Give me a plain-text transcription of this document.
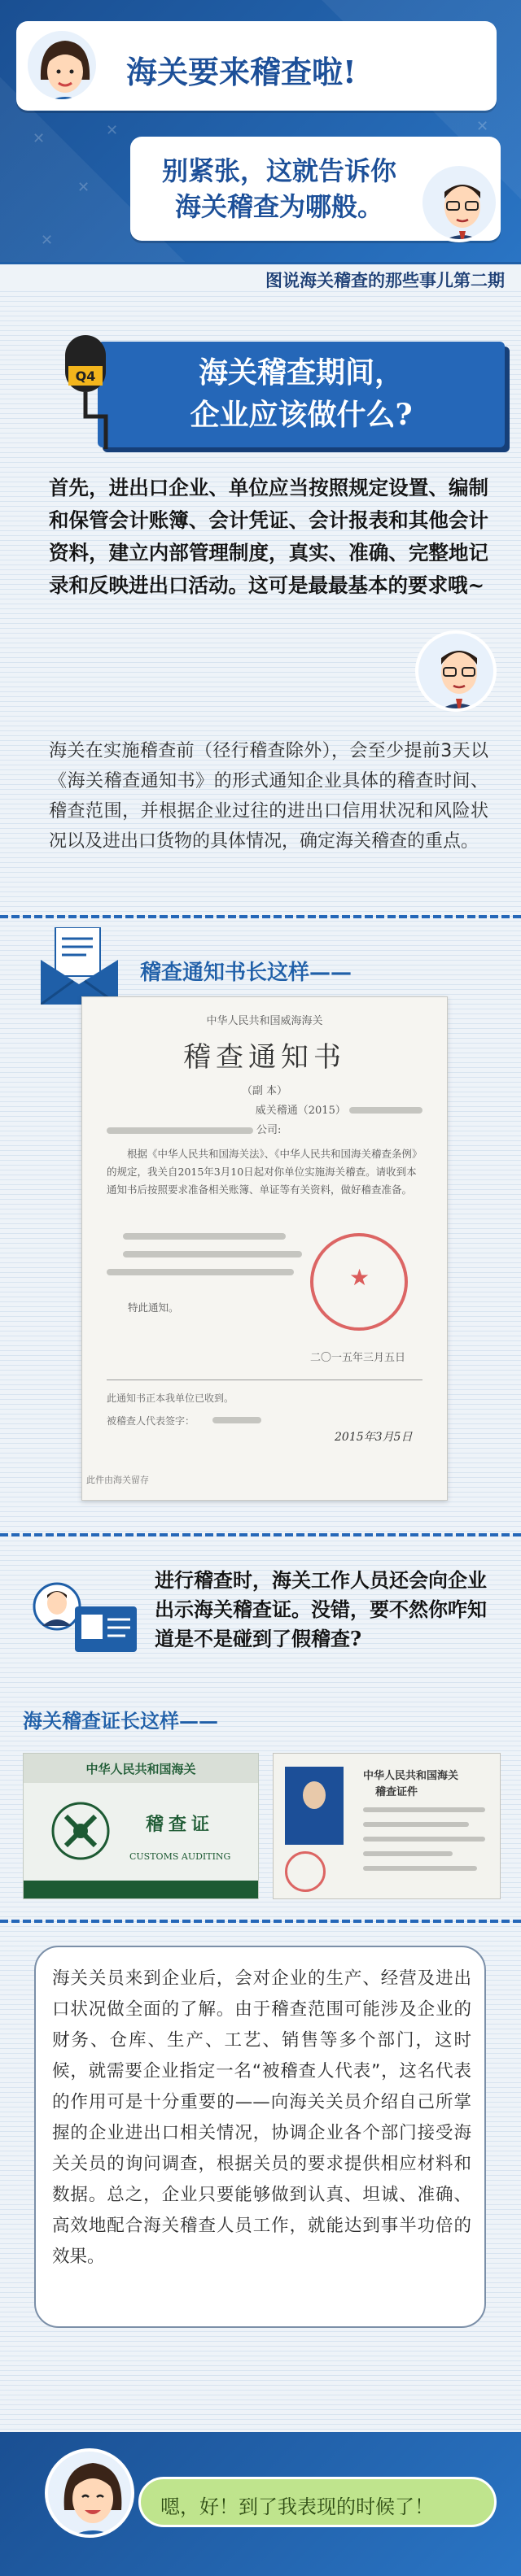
✕
✕
✕
✕
✕
海关要来稽查啦!
别紧张，这就告诉你
海关稽查为哪般。
图说海关稽查的那些事儿第二期
海关稽查期间，
企业应该做什么?
Q4
首先，进出口企业、单位应当按照规定设置、编制和保管会计账簿、会计凭证、会计报表和其他会计资料，建立内部管理制度，真实、准确、完整地记录和反映进出口活动。这可是最最基本的要求哦~
海关在实施稽查前（径行稽查除外），会至少提前3天以《海关稽查通知书》的形式通知企业具体的稽查时间、稽查范围，并根据企业过往的进出口信用状况和风险状况以及进出口货物的具体情况，确定海关稽查的重点。
稽查通知书长这样——
中华人民共和国威海海关
稽查通知书
（副 本）
威关稽通（2015）
公司:
根据《中华人民共和国海关法》、《中华人民共和国海关稽查条例》的规定，我关自2015年3月10日起对你单位实施海关稽查。请收到本通知书后按照要求准备相关账簿、单证等有关资料，做好稽查准备。
特此通知。
★
二〇一五年三月五日
此通知书正本我单位已收到。
被稽查人代表签字：
2015年3月5日
此件由海关留存
进行稽查时，海关工作人员还会向企业出示海关稽查证。没错，要不然你咋知道是不是碰到了假稽查?
海关稽查证长这样——
中华人民共和国海关
稽查证
CUSTOMS AUDITING
中华人民共和国海关
稽查证件
海关关员来到企业后，会对企业的生产、经营及进出口状况做全面的了解。由于稽查范围可能涉及企业的财务、仓库、生产、工艺、销售等多个部门，这时候，就需要企业指定一名“被稽查人代表”，这名代表的作用可是十分重要的——向海关关员介绍自己所掌握的企业进出口相关情况，协调企业各个部门接受海关关员的询问调查，根据关员的要求提供相应材料和数据。总之，企业只要能够做到认真、坦诚、准确、高效地配合海关稽查人员工作，就能达到事半功倍的效果。
嗯，好！到了我表现的时候了！
